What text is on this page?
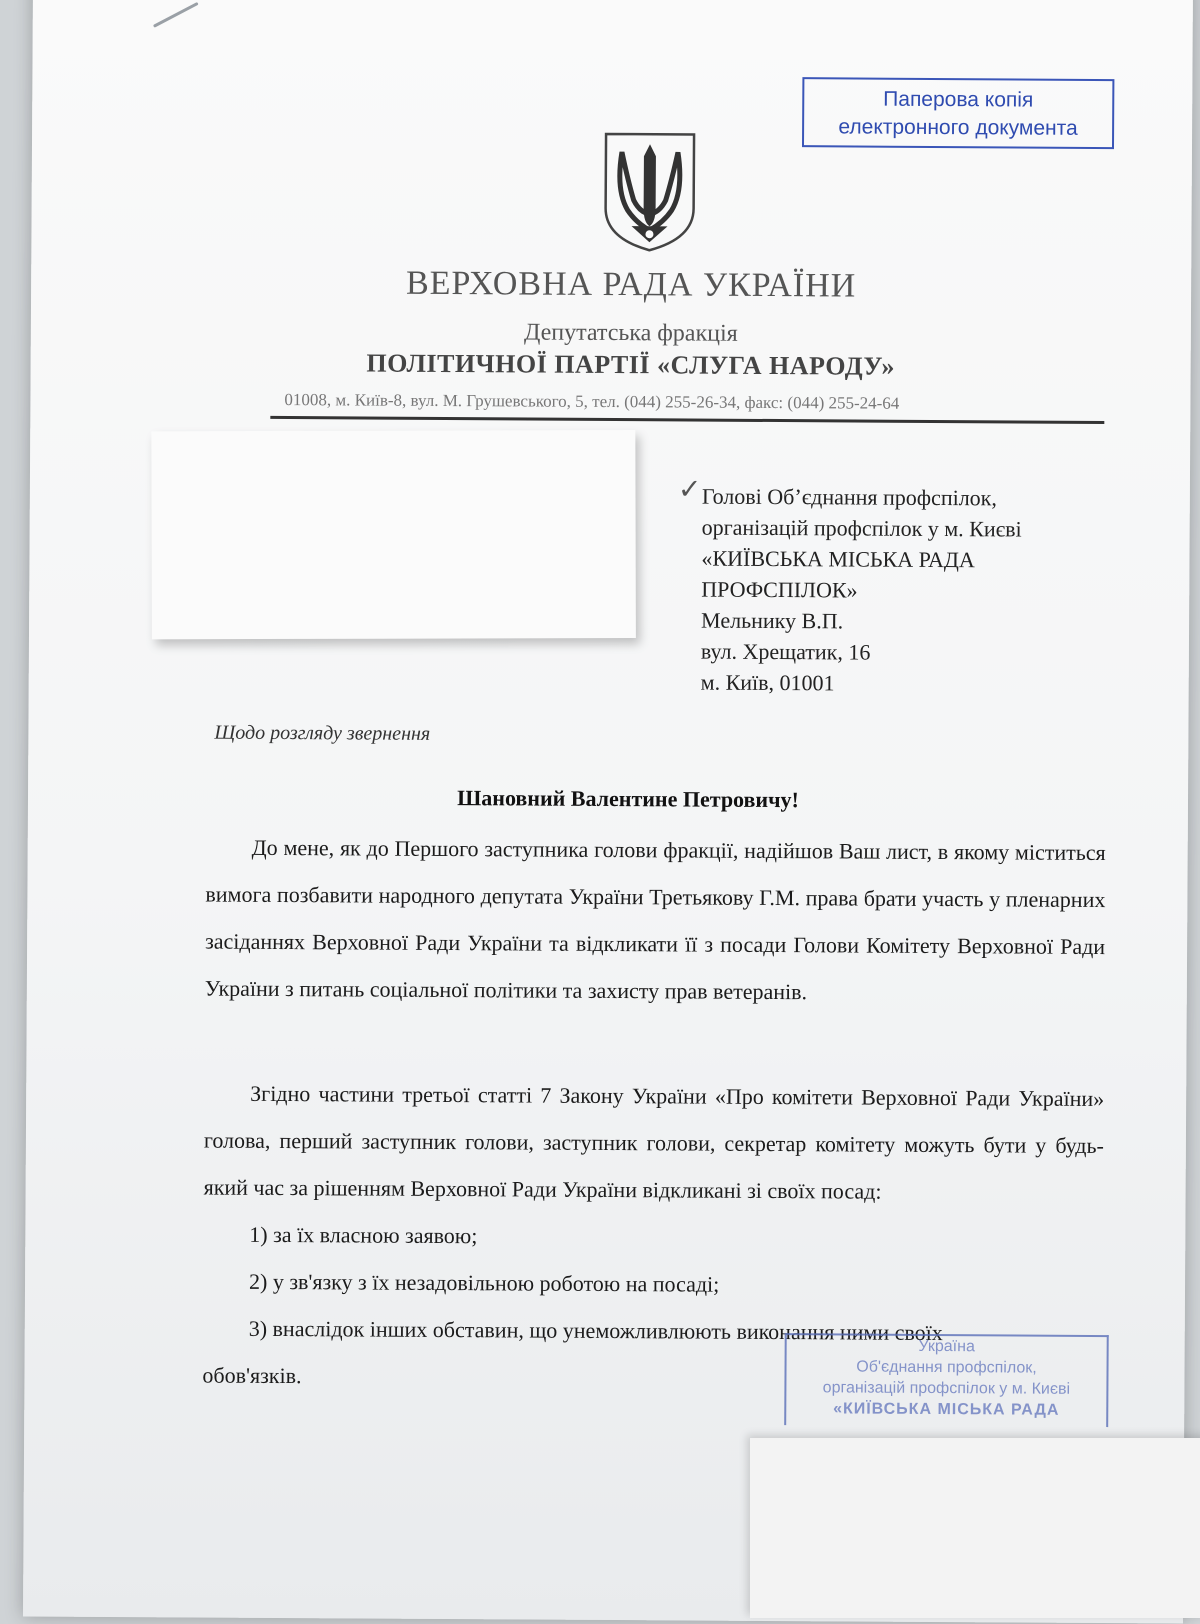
Паперова копія
електронного документа
ВЕРХОВНА РАДА УКРАЇНИ
Депутатська фракція
ПОЛІТИЧНОЇ ПАРТІЇ «СЛУГА НАРОДУ»
01008, м. Київ-8, вул. М. Грушевського, 5, тел. (044) 255-26-34, факс: (044) 255-24-64
✓ Голові Об’єднання профспілок,
організацій профспілок у м. Києві
«КИЇВСЬКА МІСЬКА РАДА
ПРОФСПІЛОК»
Мельнику В.П.
вул. Хрещатик, 16
м. Київ, 01001
Щодо розгляду звернення
Шановний Валентине Петровичу!

До мене, як до Першого заступника голови фракції, надійшов Ваш лист, в якому міститься вимога позбавити народного депутата України Третьякову Г.М. права брати участь у пленарних засіданнях Верховної Ради України та відкликати її з посади Голови Комітету Верховної Ради України з питань соціальної політики та захисту прав ветеранів.

Згідно частини третьої статті 7 Закону України «Про комітети Верховної Ради України» голова, перший заступник голови, заступник голови, секретар комітету можуть бути у будь-який час за рішенням Верховної Ради України відкликані зі своїх посад:

1) за їх власною заявою;

2) у зв'язку з їх незадовільною роботою на посаді;

3) внаслідок інших обставин, що унеможливлюють виконання ними своїх

обов'язків.

Україна
Об'єднання профспілок,
організацій профспілок у м. Києві
«КИЇВСЬКА МІСЬКА РАДА
